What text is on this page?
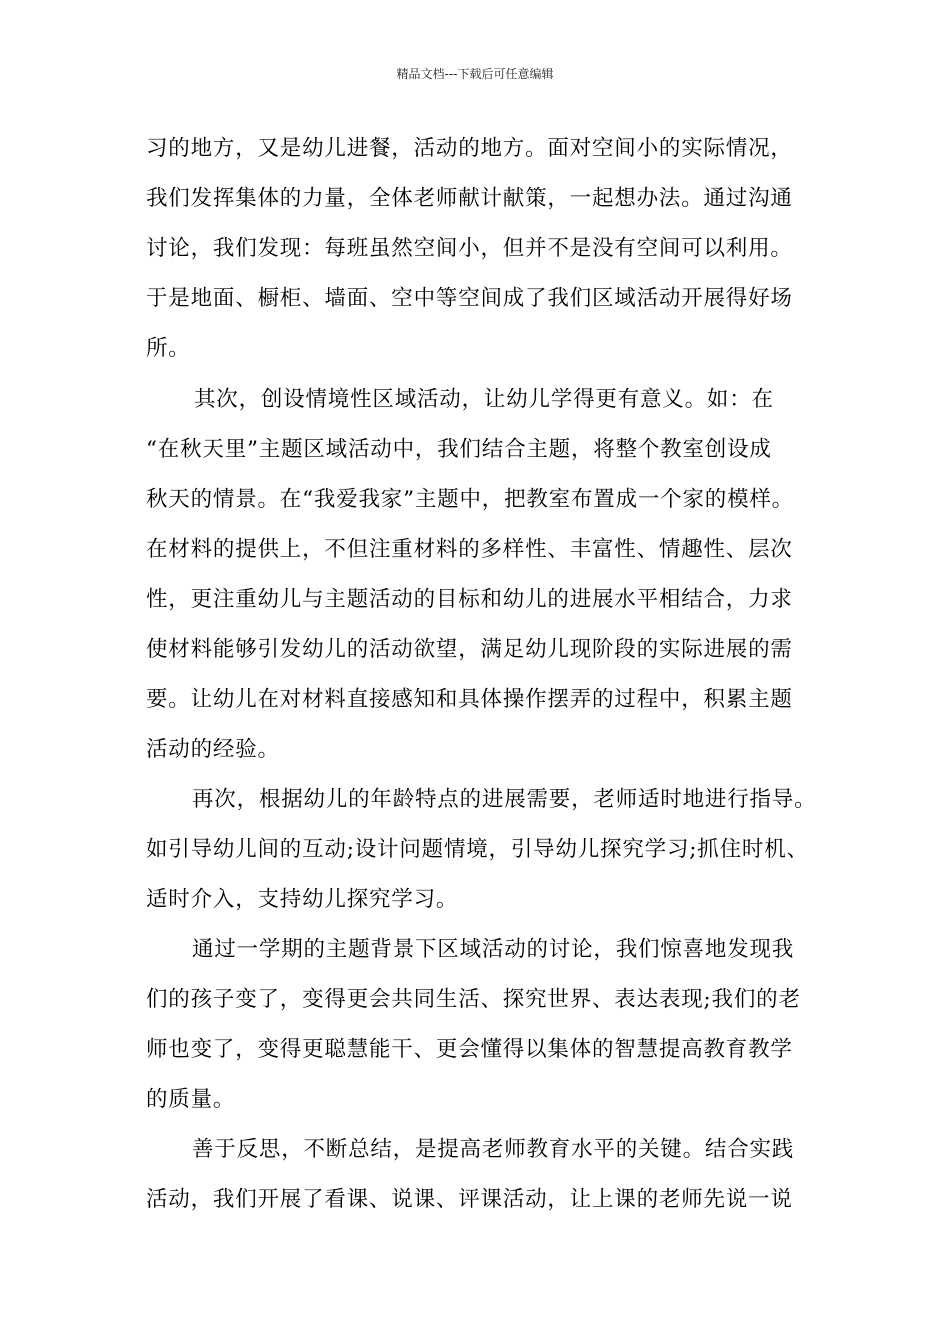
精品文档---下载后可任意编辑
习的地方，又是幼儿进餐，活动的地方。面对空间小的实际情况，
我们发挥集体的力量，全体老师献计献策，一起想办法。通过沟通
讨论，我们发现：每班虽然空间小，但并不是没有空间可以利用。
于是地面、橱柜、墙面、空中等空间成了我们区域活动开展得好场
所。
其次，创设情境性区域活动，让幼儿学得更有意义。如：在
“在秋天里”主题区域活动中，我们结合主题，将整个教室创设成
秋天的情景。在“我爱我家”主题中，把教室布置成一个家的模样。
在材料的提供上，不但注重材料的多样性、丰富性、情趣性、层次
性，更注重幼儿与主题活动的目标和幼儿的进展水平相结合，力求
使材料能够引发幼儿的活动欲望，满足幼儿现阶段的实际进展的需
要。让幼儿在对材料直接感知和具体操作摆弄的过程中，积累主题
活动的经验。
再次，根据幼儿的年龄特点的进展需要，老师适时地进行指导。
如引导幼儿间的互动;设计问题情境，引导幼儿探究学习;抓住时机、
适时介入，支持幼儿探究学习。
通过一学期的主题背景下区域活动的讨论，我们惊喜地发现我
们的孩子变了，变得更会共同生活、探究世界、表达表现;我们的老
师也变了，变得更聪慧能干、更会懂得以集体的智慧提高教育教学
的质量。
善于反思，不断总结，是提高老师教育水平的关键。结合实践
活动，我们开展了看课、说课、评课活动，让上课的老师先说一说
